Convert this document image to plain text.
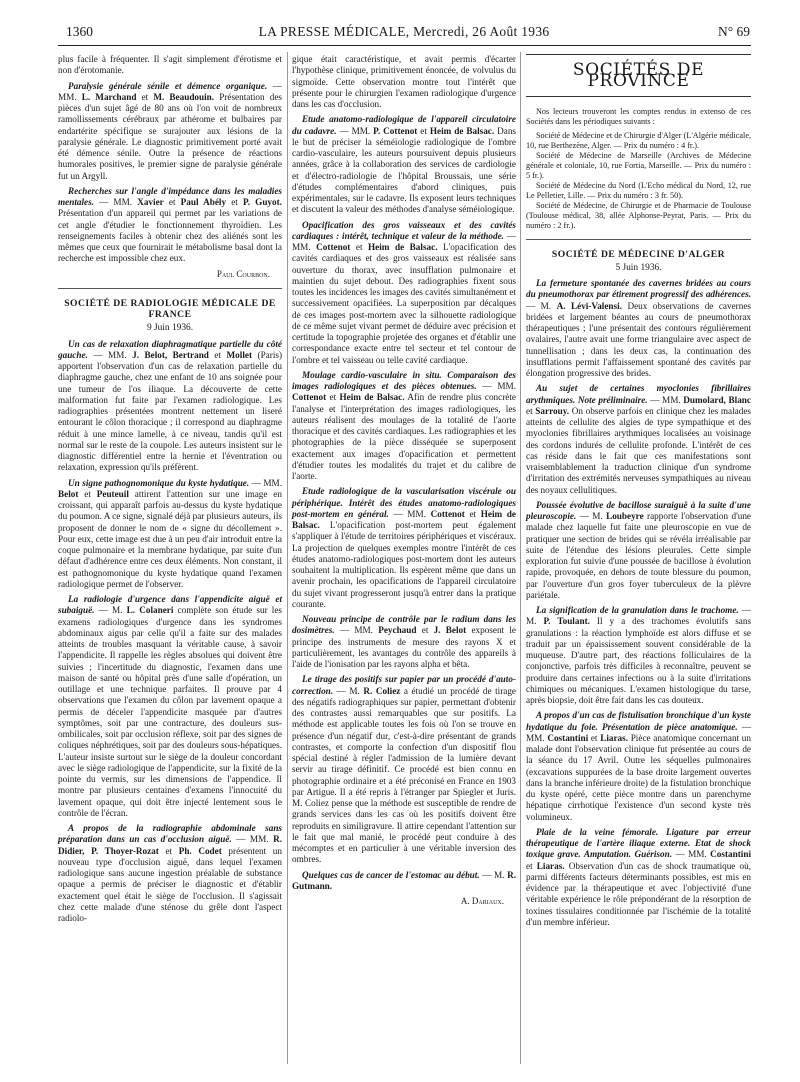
1360	LA PRESSE MÉDICALE, Mercredi, 26 Août 1936	N° 69

plus facile à fréquenter. Il s'agit simplement d'érotisme et non d'érotomanie.

Paralysie générale sénile et démence organique. — MM. L. Marchand et M. Beaudouin. Présentation des pièces d'un sujet âgé de 80 ans où l'on voit de nombreux ramollissements cérébraux par athérome et bulbaires par endartérite spécifique se surajouter aux lésions de la paralysie générale. Le diagnostic primitivement porté avait été démence sénile. Outre la présence de réactions humorales positives, le premier signe de paralysie générale fut un Argyll.

Recherches sur l'angle d'impédance dans les maladies mentales. — MM. Xavier et Paul Abély et P. Guyot. Présentation d'un appareil qui permet par les variations de cet angle d'étudier le fonctionnement thyroïdien. Les renseignements faciles à obtenir chez des aliénés sont les mêmes que ceux que fournirait le métabolisme basal dont la recherche est impossible chez eux.

Paul Courbon.
SOCIÉTÉ DE RADIOLOGIE MÉDICALE DE FRANCE
9 Juin 1936.

Un cas de relaxation diaphragmatique partielle du côté gauche. — MM. J. Belot, Bertrand et Mollet (Paris) apportent l'observation d'un cas de relaxation partielle du diaphragme gauche, chez une enfant de 10 ans soignée pour une tumeur de l'os iliaque. La découverte de cette malformation fut faite par l'examen radiologique. Les radiographies présentées montrent nettement un liseré entourant le côlon thoracique ; il correspond au diaphragme réduit à une mince lamelle, à ce niveau, tandis qu'il est normal sur le reste de la coupole. Les auteurs insistent sur le diagnostic différentiel entre la hernie et l'éventration ou relaxation, expression qu'ils préfèrent.

Un signe pathognomonique du kyste hydatique. — MM. Belot et Peuteuil attirent l'attention sur une image en croissant, qui apparaît parfois au-dessus du kyste hydatique du poumon. A ce signe, signalé déjà par plusieurs auteurs, ils proposent de donner le nom de « signe du décollement ». Pour eux, cette image est due à un peu d'air introduit entre la coque pulmonaire et la membrane hydatique, par suite d'un défaut d'adhérence entre ces deux éléments. Non constant, il est pathognomonique du kyste hydatique quand l'examen radiologique permet de l'observer.

La radiologie d'urgence dans l'appendicite aiguë et subaiguë. — M. L. Colaneri complète son étude sur les examens radiologiques d'urgence dans les syndromes abdominaux aigus par celle qu'il a faite sur des malades atteints de troubles masquant la véritable cause, à savoir l'appendicite. Il rappelle les règles absolues qui doivent être suivies ; l'incertitude du diagnostic, l'examen dans une maison de santé ou hôpital près d'une salle d'opération, un outillage et une technique parfaites. Il prouve par 4 observations que l'examen du côlon par lavement opaque a permis de déceler l'appendicite masquée par d'autres symptômes, soit par une contracture, des douleurs sus-ombilicales, soit par occlusion réflexe, soit par des signes de coliques néphrétiques, soit par des douleurs sous-hépatiques. L'auteur insiste surtout sur le siège de la douleur concordant avec le siège radiologique de l'appendicite, sur la fixité de la pointe du vermis, sur les dimensions de l'appendice. Il montre par plusieurs centaines d'examens l'innocuité du lavement opaque, qui doit être injecté lentement sous le contrôle de l'écran.

A propos de la radiographie abdominale sans préparation dans un cas d'occlusion aiguë. — MM. R. Didier, P. Thoyer-Rozat et Ph. Codet présentent un nouveau type d'occlusion aiguë, dans lequel l'examen radiologique sans aucune ingestion préalable de substance opaque a permis de préciser le diagnostic et d'établir exactement quel était le siège de l'occlusion. Il s'agissait chez cette malade d'une sténose du grêle dont l'aspect radiolo-

gique était caractéristique, et avait permis d'écarter l'hypothèse clinique, primitivement énoncée, de volvulus du sigmoïde. Cette observation montre tout l'intérêt que présente pour le chirurgien l'examen radiologique d'urgence dans les cas d'occlusion.

Etude anatomo-radiologique de l'appareil circulatoire du cadavre. — MM. P. Cottenot et Heim de Balsac. Dans le but de préciser la séméiologie radiologique de l'ombre cardio-vasculaire, les auteurs poursuivent depuis plusieurs années, grâce à la collaboration des services de cardiologie et d'électro-radiologie de l'hôpital Broussais, une série d'études complémentaires d'abord cliniques, puis expérimentales, sur le cadavre. Ils exposent leurs techniques et discutent la valeur des méthodes d'analyse séméiologique.

Opacification des gros vaisseaux et des cavités cardiaques : intérêt, technique et valeur de la méthode. — MM. Cottenot et Heim de Balsac. L'opacification des cavités cardiaques et des gros vaisseaux est réalisée sans ouverture du thorax, avec insufflation pulmonaire et maintien du sujet debout. Des radiographies fixent sous toutes les incidences les images des cavités simultanément et successivement opacifiées. La superposition par décalques de ces images post-mortem avec la silhouette radiologique de ce même sujet vivant permet de déduire avec précision et certitude la topographie projetée des organes et d'établir une correspondance exacte entre tel secteur et tel contour de l'ombre et tel vaisseau ou telle cavité cardiaque.

Moulage cardio-vasculaire in situ. Comparaison des images radiologiques et des pièces obtenues. — MM. Cottenot et Heim de Balsac. Afin de rendre plus concrète l'analyse et l'interprétation des images radiologiques, les auteurs réalisent des moulages de la totalité de l'aorte thoracique et des cavités cardiaques. Les radiographies et les photographies de la pièce disséquée se superposent exactement aux images d'opacification et permettent d'étudier toutes les modalités du trajet et du calibre de l'aorte.

Etude radiologique de la vascularisation viscérale ou périphérique. Intérêt des études anatomo-radiologiques post-mortem en général. — MM. Cottenot et Heim de Balsac. L'opacification post-mortem peut également s'appliquer à l'étude de territoires périphériques et viscéraux. La projection de quelques exemples montre l'intérêt de ces études anatomo-radiologiques post-mortem dont les auteurs souhaitent la multiplication. Ils espèrent même que dans un avenir prochain, les opacifications de l'appareil circulatoire du sujet vivant progresseront jusqu'à entrer dans la pratique courante.

Nouveau principe de contrôle par le radium dans les dosimètres. — MM. Peychaud et J. Belot exposent le principe des instruments de mesure des rayons X et particulièrement, les avantages du contrôle des appareils à l'aide de l'ionisation par les rayons alpha et bêta.

Le tirage des positifs sur papier par un procédé d'auto-correction. — M. R. Coliez a étudié un procédé de tirage des négatifs radiographiques sur papier, permettant d'obtenir des contrastes aussi remarquables que sur positifs. La méthode est applicable toutes les fois où l'on se trouve en présence d'un négatif dur, c'est-à-dire présentant de grands contrastes, et comporte la confection d'un dispositif flou spécial destiné à régler l'admission de la lumière devant servir au tirage définitif. Ce procédé est bien connu en photographie ordinaire et a été préconisé en France en 1903 par Artigue. Il a été repris à l'étranger par Spiegler et Juris. M. Coliez pense que la méthode est susceptible de rendre de grands services dans les cas où les positifs doivent être reproduits en similigravure. Il attire cependant l'attention sur le fait que mal manié, le procédé peut conduire à des mécomptes et en particulier à une véritable inversion des ombres.

Quelques cas de cancer de l'estomac au début. — M. R. Gutmann.

A. Dariaux.
SOCIÉTÉS DE PROVINCE

Nos lecteurs trouveront les comptes rendus in extenso de ces Sociétés dans les périodiques suivants :

Société de Médecine et de Chirurgie d'Alger (L'Algérie médicale, 10, rue Berthezène, Alger. — Prix du numéro : 4 fr.).

Société de Médecine de Marseille (Archives de Médecine générale et coloniale, 10, rue Fortia, Marseille. — Prix du numéro : 5 fr.).

Société de Médecine du Nord (L'Echo médical du Nord, 12, rue Le Pelletier, Lille. — Prix du numéro : 3 fr. 50).

Société de Médecine, de Chirurgie et de Pharmacie de Toulouse (Toulouse médical, 38, allée Alphonse-Peyrat, Paris. — Prix du numéro : 2 fr.).

SOCIÉTÉ DE MÉDECINE D'ALGER
5 Juin 1936.

La fermeture spontanée des cavernes bridées au cours du pneumothorax par étirement progressif des adhérences. — M. A. Lévi-Valensi. Deux observations de cavernes bridées et largement béantes au cours de pneumothorax thérapeutiques ; l'une présentait des contours régulièrement ovalaires, l'autre avait une forme triangulaire avec aspect de tunnellisation ; dans les deux cas, la continuation des insufflations permit l'affaissement spontané des cavités par élongation progressive des brides.

Au sujet de certaines myoclonies fibrillaires arythmiques. Note préliminaire. — MM. Dumolard, Blanc et Sarrouy. On observe parfois en clinique chez les malades atteints de cellulite des algies de type sympathique et des myoclonies fibrillaires arythmiques localisées au voisinage des cordons indurés de cellulite profonde. L'intérêt de ces cas réside dans le fait que ces manifestations sont vraisemblablement la traduction clinique d'un syndrome d'irritation des extrémités nerveuses sympathiques au niveau des noyaux cellulitiques.

Poussée évolutive de bacillose suraiguë à la suite d'une pleuroscopie. — M. Loubeyre rapporte l'observation d'une malade chez laquelle fut faite une pleuroscopie en vue de pratiquer une section de brides qui se révéla irréalisable par suite de l'étendue des lésions pleurales. Cette simple exploration fut suivie d'une poussée de bacillose à évolution rapide, provoquée, en dehors de toute blessure du poumon, par l'ouverture d'un gros foyer tuberculeux de la plèvre pariétale.

La signification de la granulation dans le trachome. — M. P. Toulant. Il y a des trachomes évolutifs sans granulations : la réaction lymphoïde est alors diffuse et se traduit par un épaississement souvent considérable de la muqueuse. D'autre part, des réactions folliculaires de la conjonctive, parfois très difficiles à reconnaître, peuvent se produire dans certaines infections ou à la suite d'irritations chimiques ou mécaniques. L'examen histologique du tarse, après biopsie, doit être fait dans les cas douteux.

A propos d'un cas de fistulisation bronchique d'un kyste hydatique du foie. Présentation de pièce anatomique. — MM. Costantini et Liaras. Pièce anatomique concernant un malade dont l'observation clinique fut présentée au cours de la séance du 17 Avril. Outre les séquelles pulmonaires (excavations suppurées de la base droite largement ouvertes dans la branche inférieure droite) de la fistulation bronchique du kyste opéré, cette pièce montre dans un parenchyme hépatique cirrhotique l'existence d'un second kyste très volumineux.

Plaie de la veine fémorale. Ligature par erreur thérapeutique de l'artère iliaque externe. Etat de shock toxique grave. Amputation. Guérison. — MM. Costantini et Liaras. Observation d'un cas de shock traumatique où, parmi différents facteurs déterminants possibles, est mis en évidence par la thérapeutique et avec l'objectivité d'une véritable expérience le rôle prépondérant de la résorption de toxines tissulaires conditionnée par l'ischémie de la totalité d'un membre inférieur.
